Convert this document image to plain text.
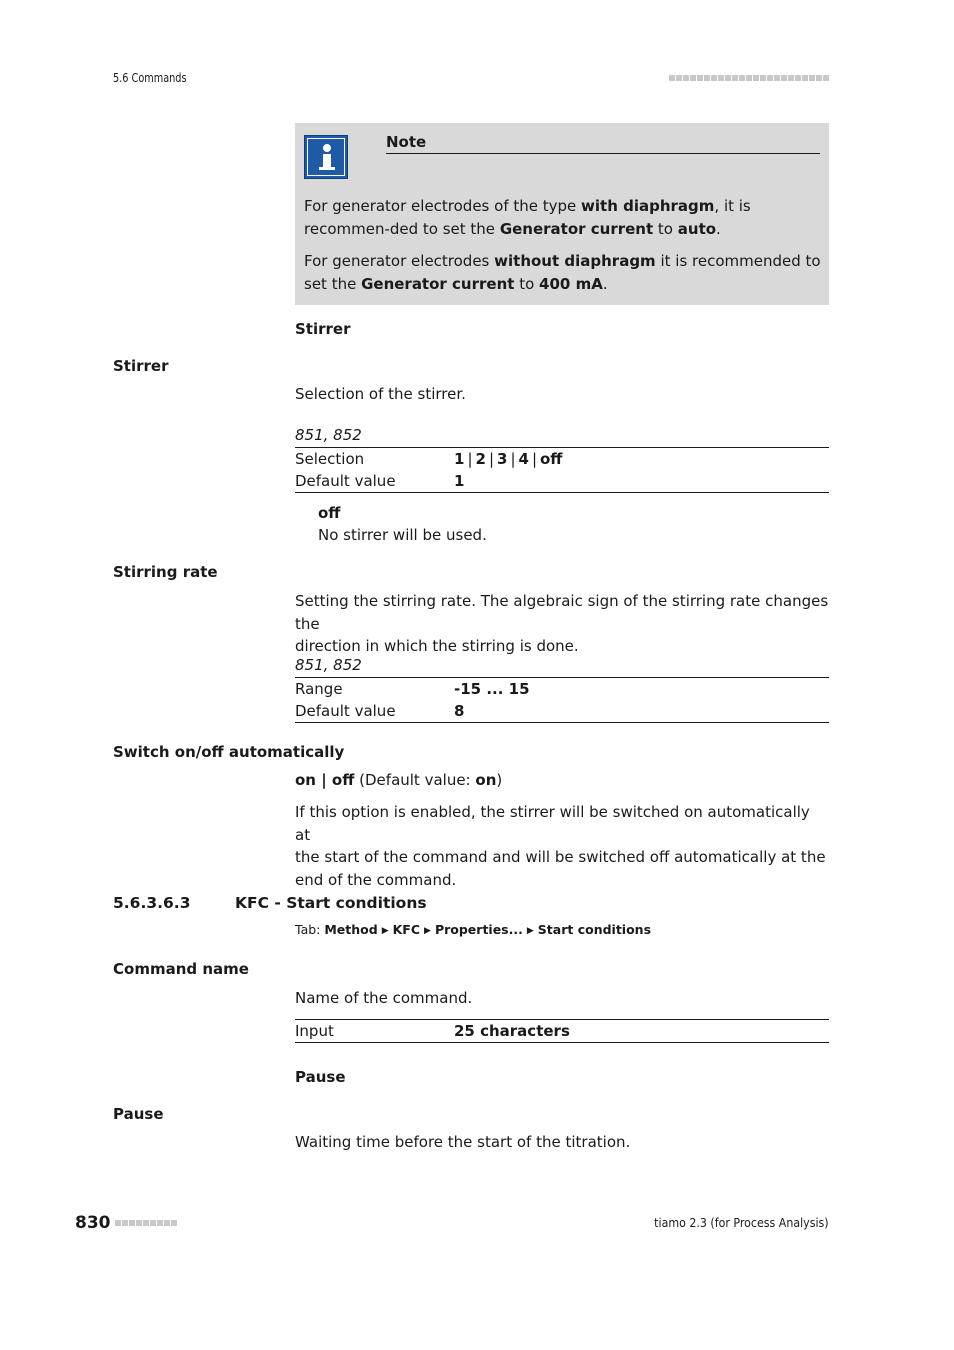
5.6 Commands
Note
For generator electrodes of the type with diaphragm, it is recommen-ded to set the Generator current to auto.
For generator electrodes without diaphragm it is recommended to set the Generator current to 400 mA.
Stirrer
Stirrer
Selection of the stirrer.
851, 852
Selection	1 | 2 | 3 | 4 | off
Default value	1
off
No stirrer will be used.
Stirring rate
Setting the stirring rate. The algebraic sign of the stirring rate changes the
direction in which the stirring is done.
851, 852
Range	-15 ... 15
Default value	8
Switch on/off automatically
on | off (Default value: on)
If this option is enabled, the stirrer will be switched on automatically at
the start of the command and will be switched off automatically at the
end of the command.
5.6.3.6.3	KFC - Start conditions
Tab: Method ▶ KFC ▶ Properties... ▶ Start conditions
Command name
Name of the command.
Input	25 characters
Pause
Pause
Waiting time before the start of the titration.
830	tiamo 2.3 (for Process Analysis)
